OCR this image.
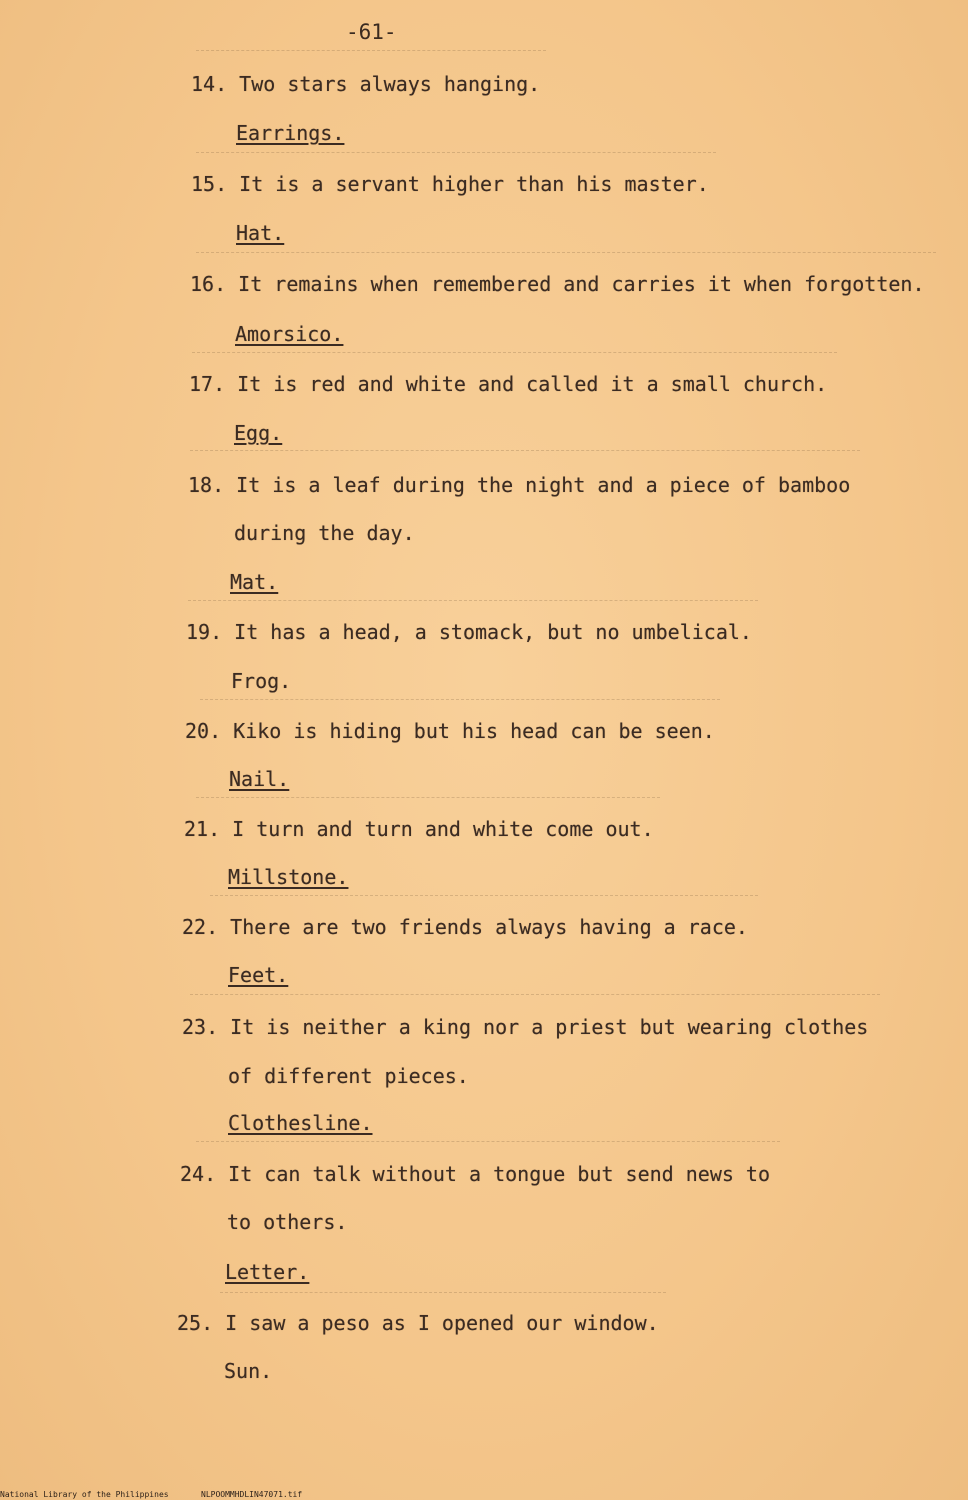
-61-
14. Two stars always hanging.
Earrings.
15. It is a servant higher than his master.
Hat.
16. It remains when remembered and carries it when forgotten.
Amorsico.
17. It is red and white and called it a small church.
Egg.
18. It is a leaf during the night and a piece of bamboo
during the day.
Mat.
19. It has a head, a stomack, but no umbelical.
Frog.
20. Kiko is hiding but his head can be seen.
Nail.
21. I turn and turn and white come out.
Millstone.
22. There are two friends always having a race.
Feet.
23. It is neither a king nor a priest but wearing clothes
of different pieces.
Clothesline.
24. It can talk without a tongue but send news to
to others.
Letter.
25. I saw a peso as I opened our window.
Sun.
National Library of the Philippines	NLPOOMMHDLIN47071.tif
